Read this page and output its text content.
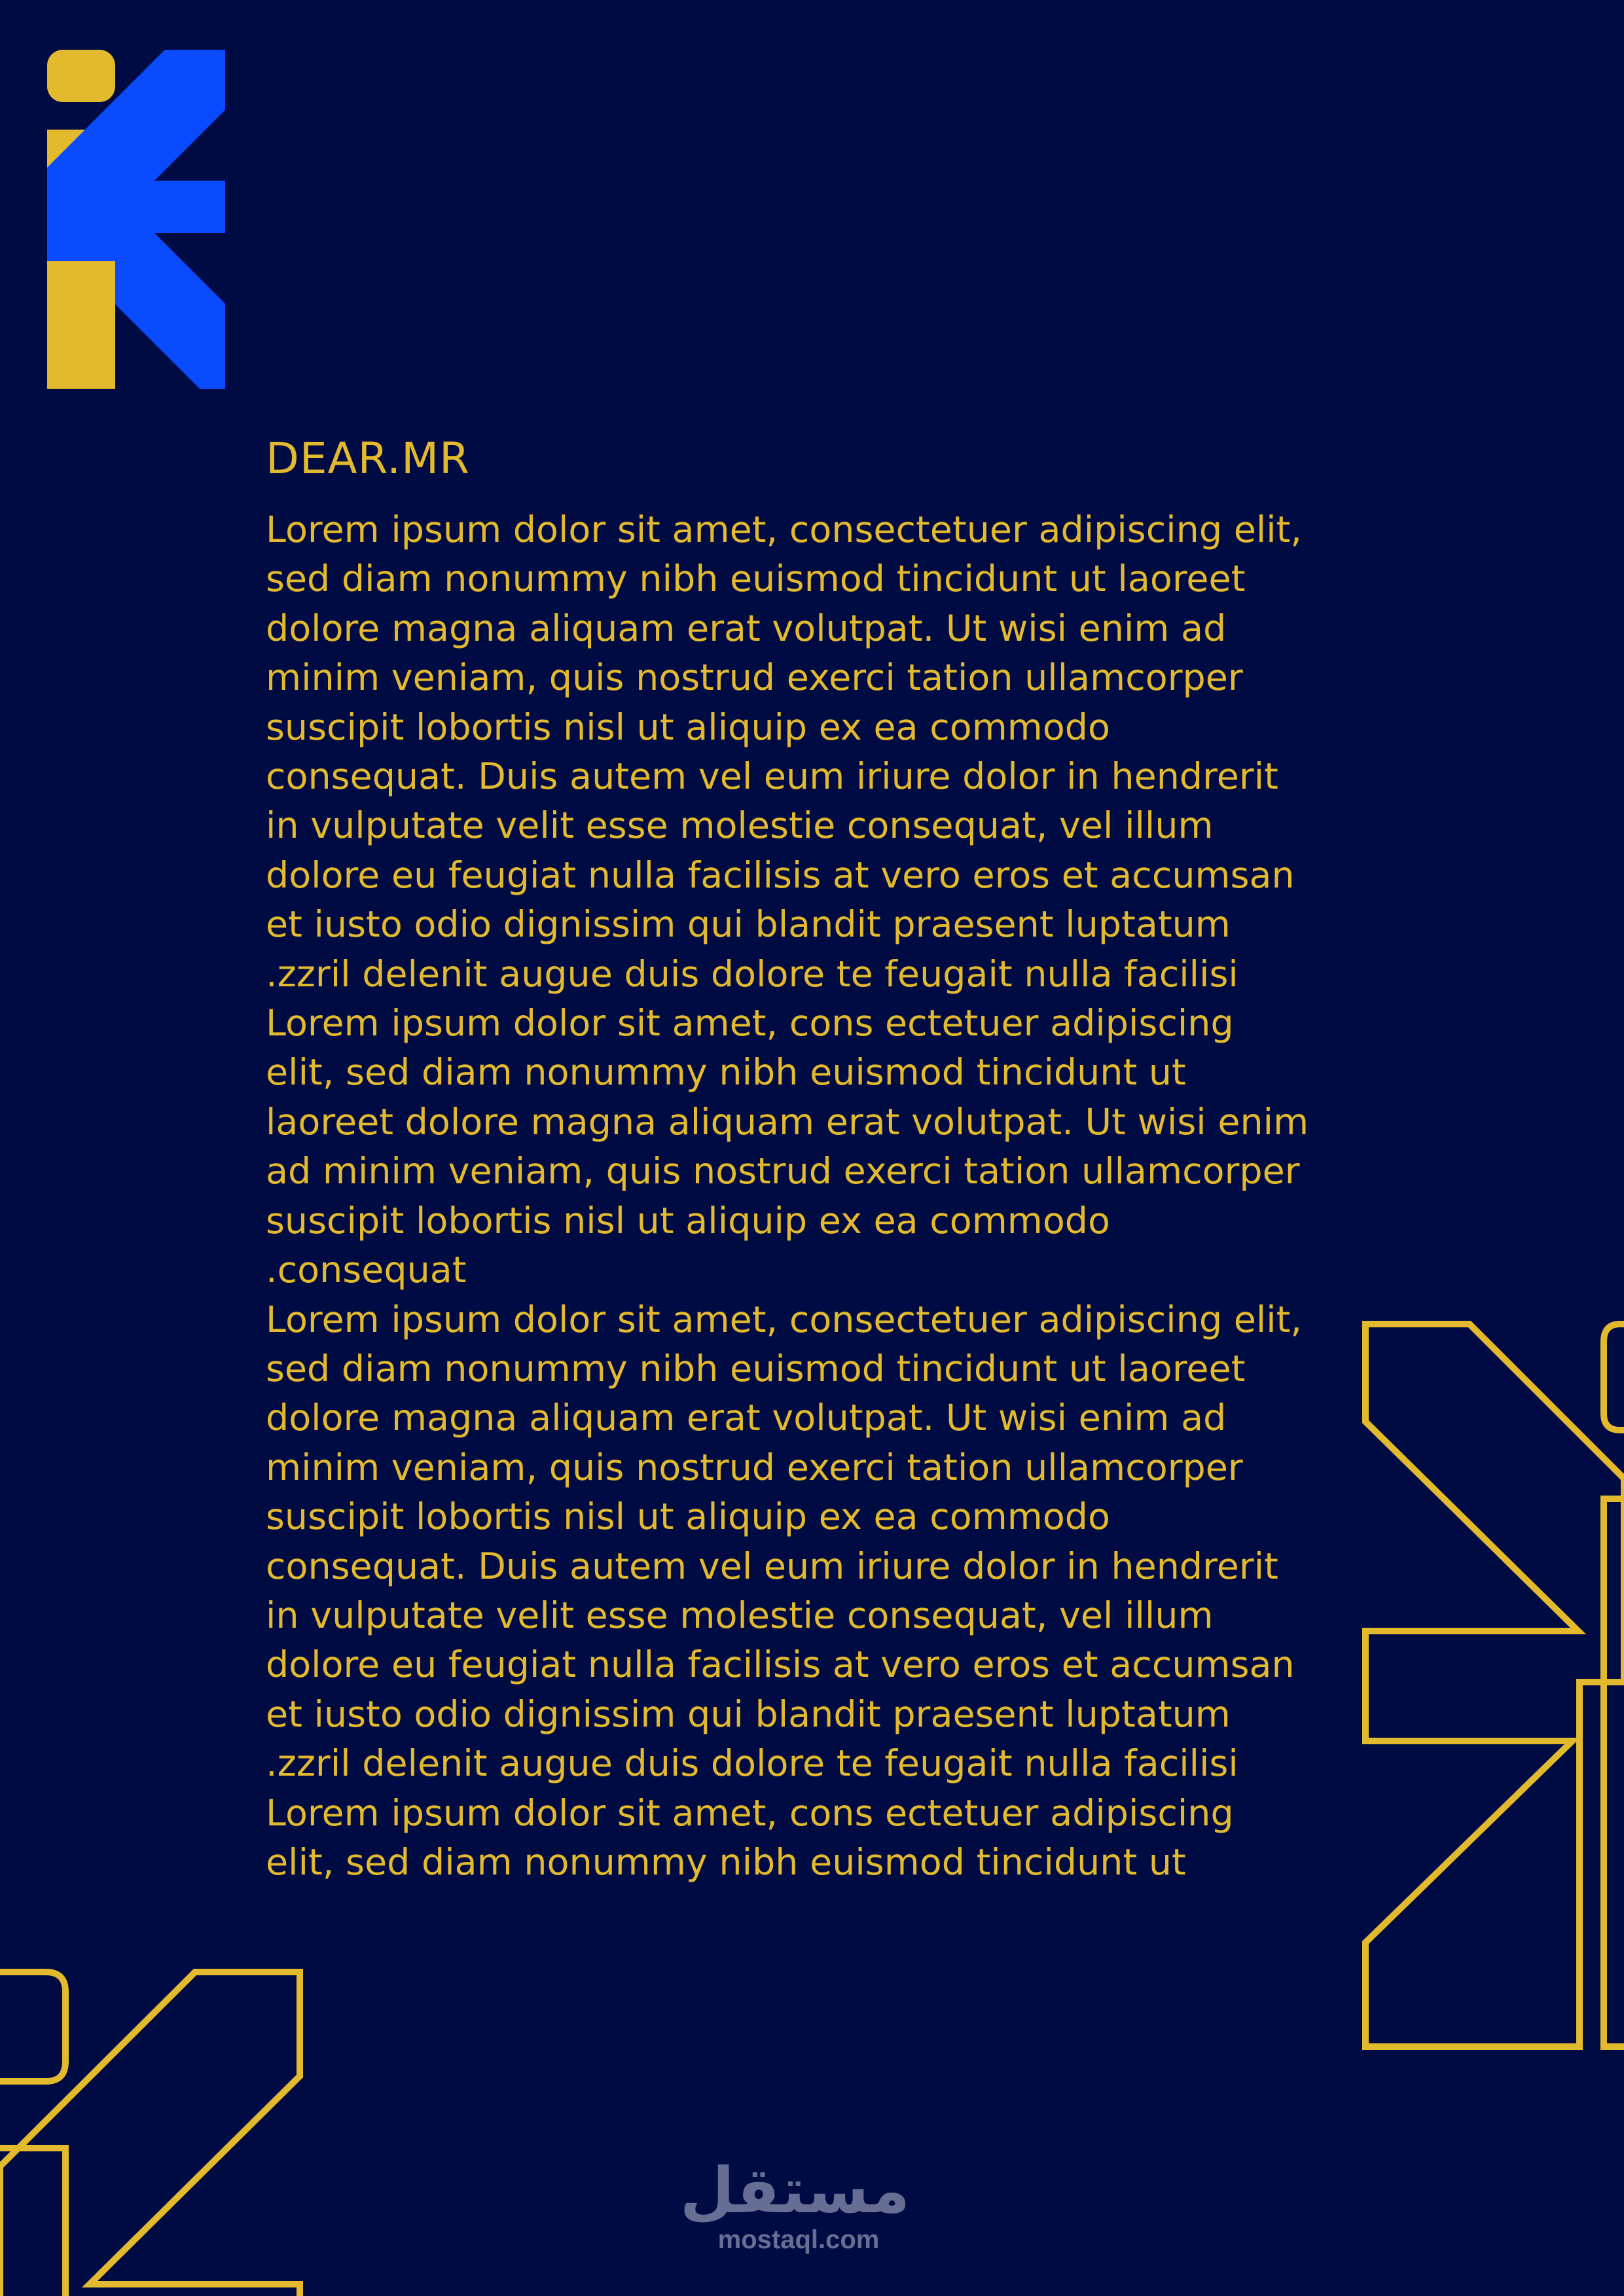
DEAR.MR
Lorem ipsum dolor sit amet, consectetuer adipiscing elit,
sed diam nonummy nibh euismod tincidunt ut laoreet
dolore magna aliquam erat volutpat. Ut wisi enim ad
minim veniam, quis nostrud exerci tation ullamcorper
suscipit lobortis nisl ut aliquip ex ea commodo
consequat. Duis autem vel eum iriure dolor in hendrerit
in vulputate velit esse molestie consequat, vel illum
dolore eu feugiat nulla facilisis at vero eros et accumsan
et iusto odio dignissim qui blandit praesent luptatum
.zzril delenit augue duis dolore te feugait nulla facilisi
Lorem ipsum dolor sit amet, cons ectetuer adipiscing
elit, sed diam nonummy nibh euismod tincidunt ut
laoreet dolore magna aliquam erat volutpat. Ut wisi enim
ad minim veniam, quis nostrud exerci tation ullamcorper
suscipit lobortis nisl ut aliquip ex ea commodo
.consequat
Lorem ipsum dolor sit amet, consectetuer adipiscing elit,
sed diam nonummy nibh euismod tincidunt ut laoreet
dolore magna aliquam erat volutpat. Ut wisi enim ad
minim veniam, quis nostrud exerci tation ullamcorper
suscipit lobortis nisl ut aliquip ex ea commodo
consequat. Duis autem vel eum iriure dolor in hendrerit
in vulputate velit esse molestie consequat, vel illum
dolore eu feugiat nulla facilisis at vero eros et accumsan
et iusto odio dignissim qui blandit praesent luptatum
.zzril delenit augue duis dolore te feugait nulla facilisi
Lorem ipsum dolor sit amet, cons ectetuer adipiscing
elit, sed diam nonummy nibh euismod tincidunt ut
مستقل
mostaql.com
